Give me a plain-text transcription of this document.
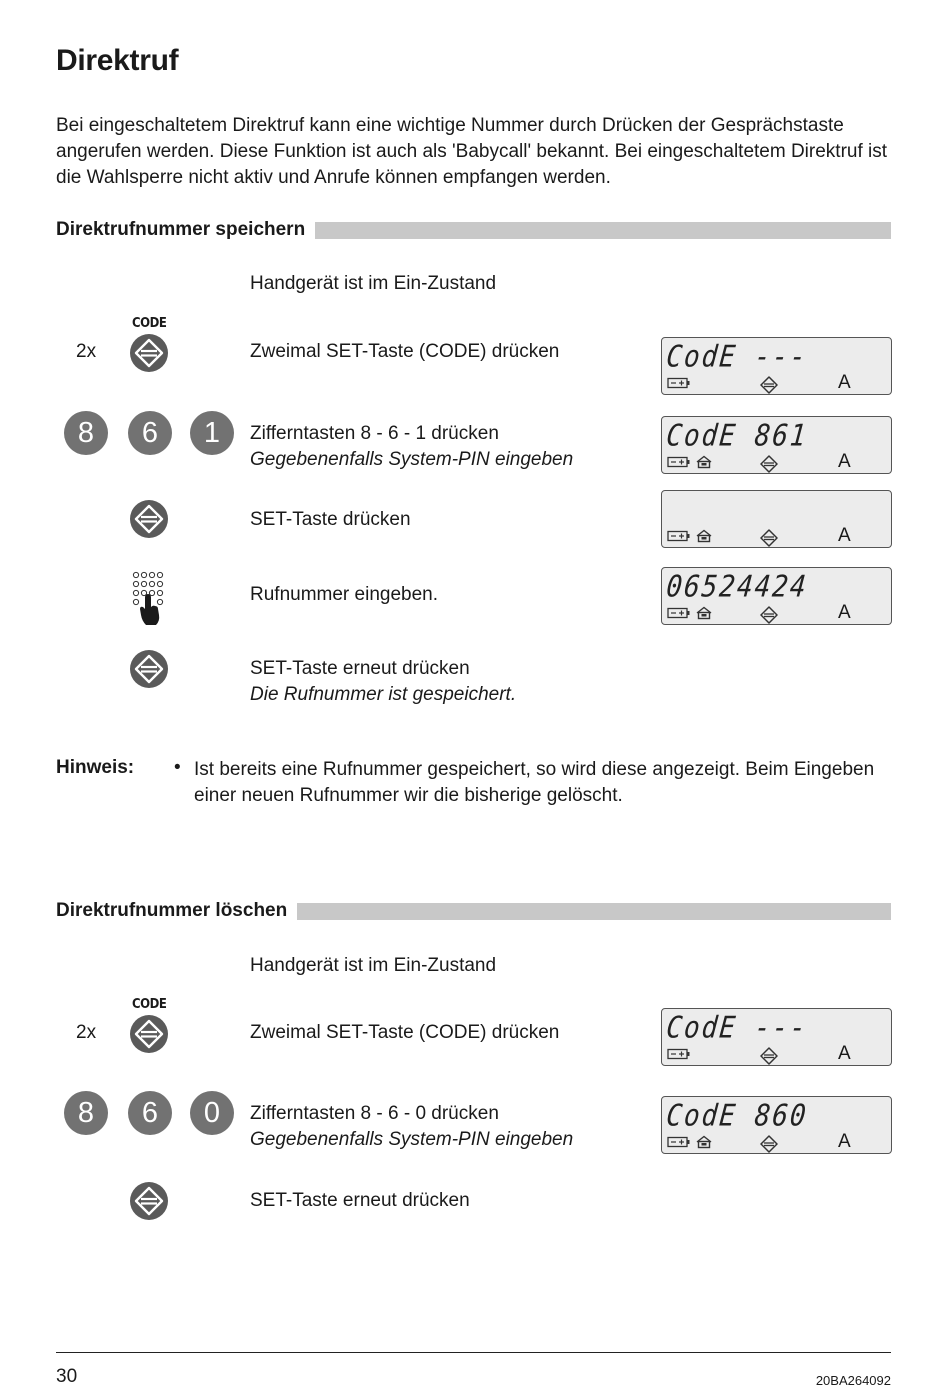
Direktruf
Bei eingeschaltetem Direktruf kann eine wichtige Nummer durch Drücken der Gesprächstaste angerufen werden. Diese Funktion ist auch als 'Babycall' bekannt. Bei eingeschaltetem Direktruf ist die Wahlsperre nicht aktiv und Anrufe können empfangen werden.
Direktrufnummer speichern
Handgerät ist im Ein-Zustand
CODE
2x	Zweimal SET-Taste (CODE) drücken	CodE ---
A
8	6	1	Zifferntasten 8 - 6 - 1 drücken
Gegebenenfalls System-PIN eingeben
CodE 861
A
SET-Taste drücken
A
Rufnummer eingeben.	06524424
A
SET-Taste erneut drücken
Die Rufnummer ist gespeichert.
Hinweis: • Ist bereits eine Rufnummer gespeichert, so wird diese angezeigt. Beim Eingeben einer neuen Rufnummer wir die bisherige gelöscht.
Direktrufnummer löschen
Handgerät ist im Ein-Zustand
CODE
2x	Zweimal SET-Taste (CODE) drücken	CodE ---
A
8	6	0	Zifferntasten 8 - 6 - 0 drücken
Gegebenenfalls System-PIN eingeben
CodE 860
A
SET-Taste erneut drücken
30	20BA264092
